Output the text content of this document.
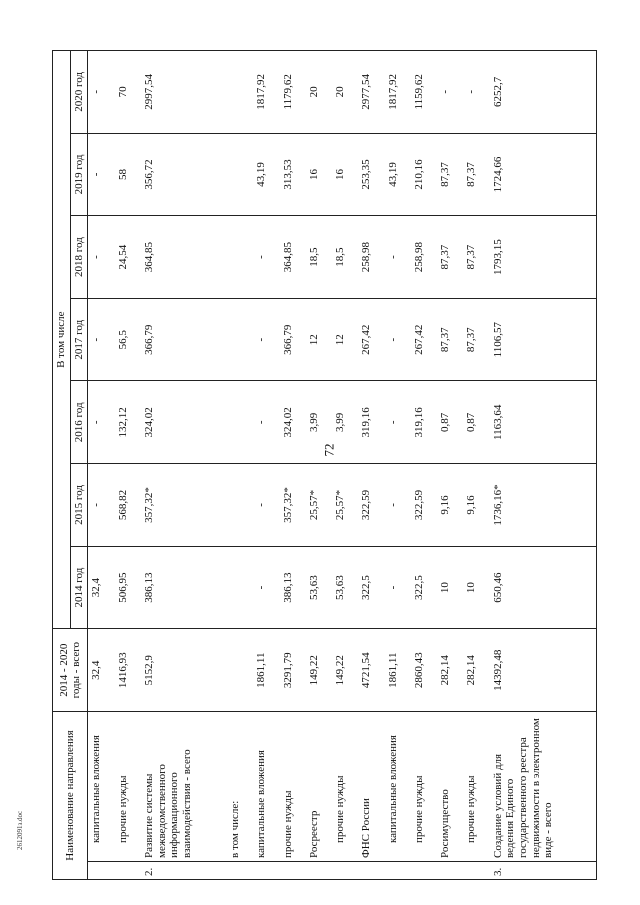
72
2612091з.doc	Наименование направления		2014 - 2020 годы - всего	В том числе						
			2014 год	2015 год	2016 год	2017 год	2018 год	2019 год	2020 год
	капитальные вложения	32,4	32,4	-	-	-	-	-	-
	прочие нужды	1416,93	506,95	568,82	132,12	56,5	24,54	58	70
2.	Развитие системы межведомственного информационного взаимодействия - всего	5152,9	386,13	357,32*	324,02	366,79	364,85	356,72	2997,54
	в том числе:								
	капитальные вложения	1861,11	-	-	-	-	-	43,19	1817,92
	прочие нужды	3291,79	386,13	357,32*	324,02	366,79	364,85	313,53	1179,62
	Росреестр	149,22	53,63	25,57*	3,99	12	18,5	16	20
	прочие нужды	149,22	53,63	25,57*	3,99	12	18,5	16	20
	ФНС России	4721,54	322,5	322,59	319,16	267,42	258,98	253,35	2977,54
	капитальные вложения	1861,11	-	-	-	-	-	43,19	1817,92
	прочие нужды	2860,43	322,5	322,59	319,16	267,42	258,98	210,16	1159,62
	Росимущество	282,14	10	9,16	0,87	87,37	87,37	87,37	-
	прочие нужды	282,14	10	9,16	0,87	87,37	87,37	87,37	-
3.	Создание условий для ведения Единого государственного реестра недвижимости в электронном виде - всего	14392,48	650,46	1736,16*	1163,64	1106,57	1793,15	1724,66	6252,7
